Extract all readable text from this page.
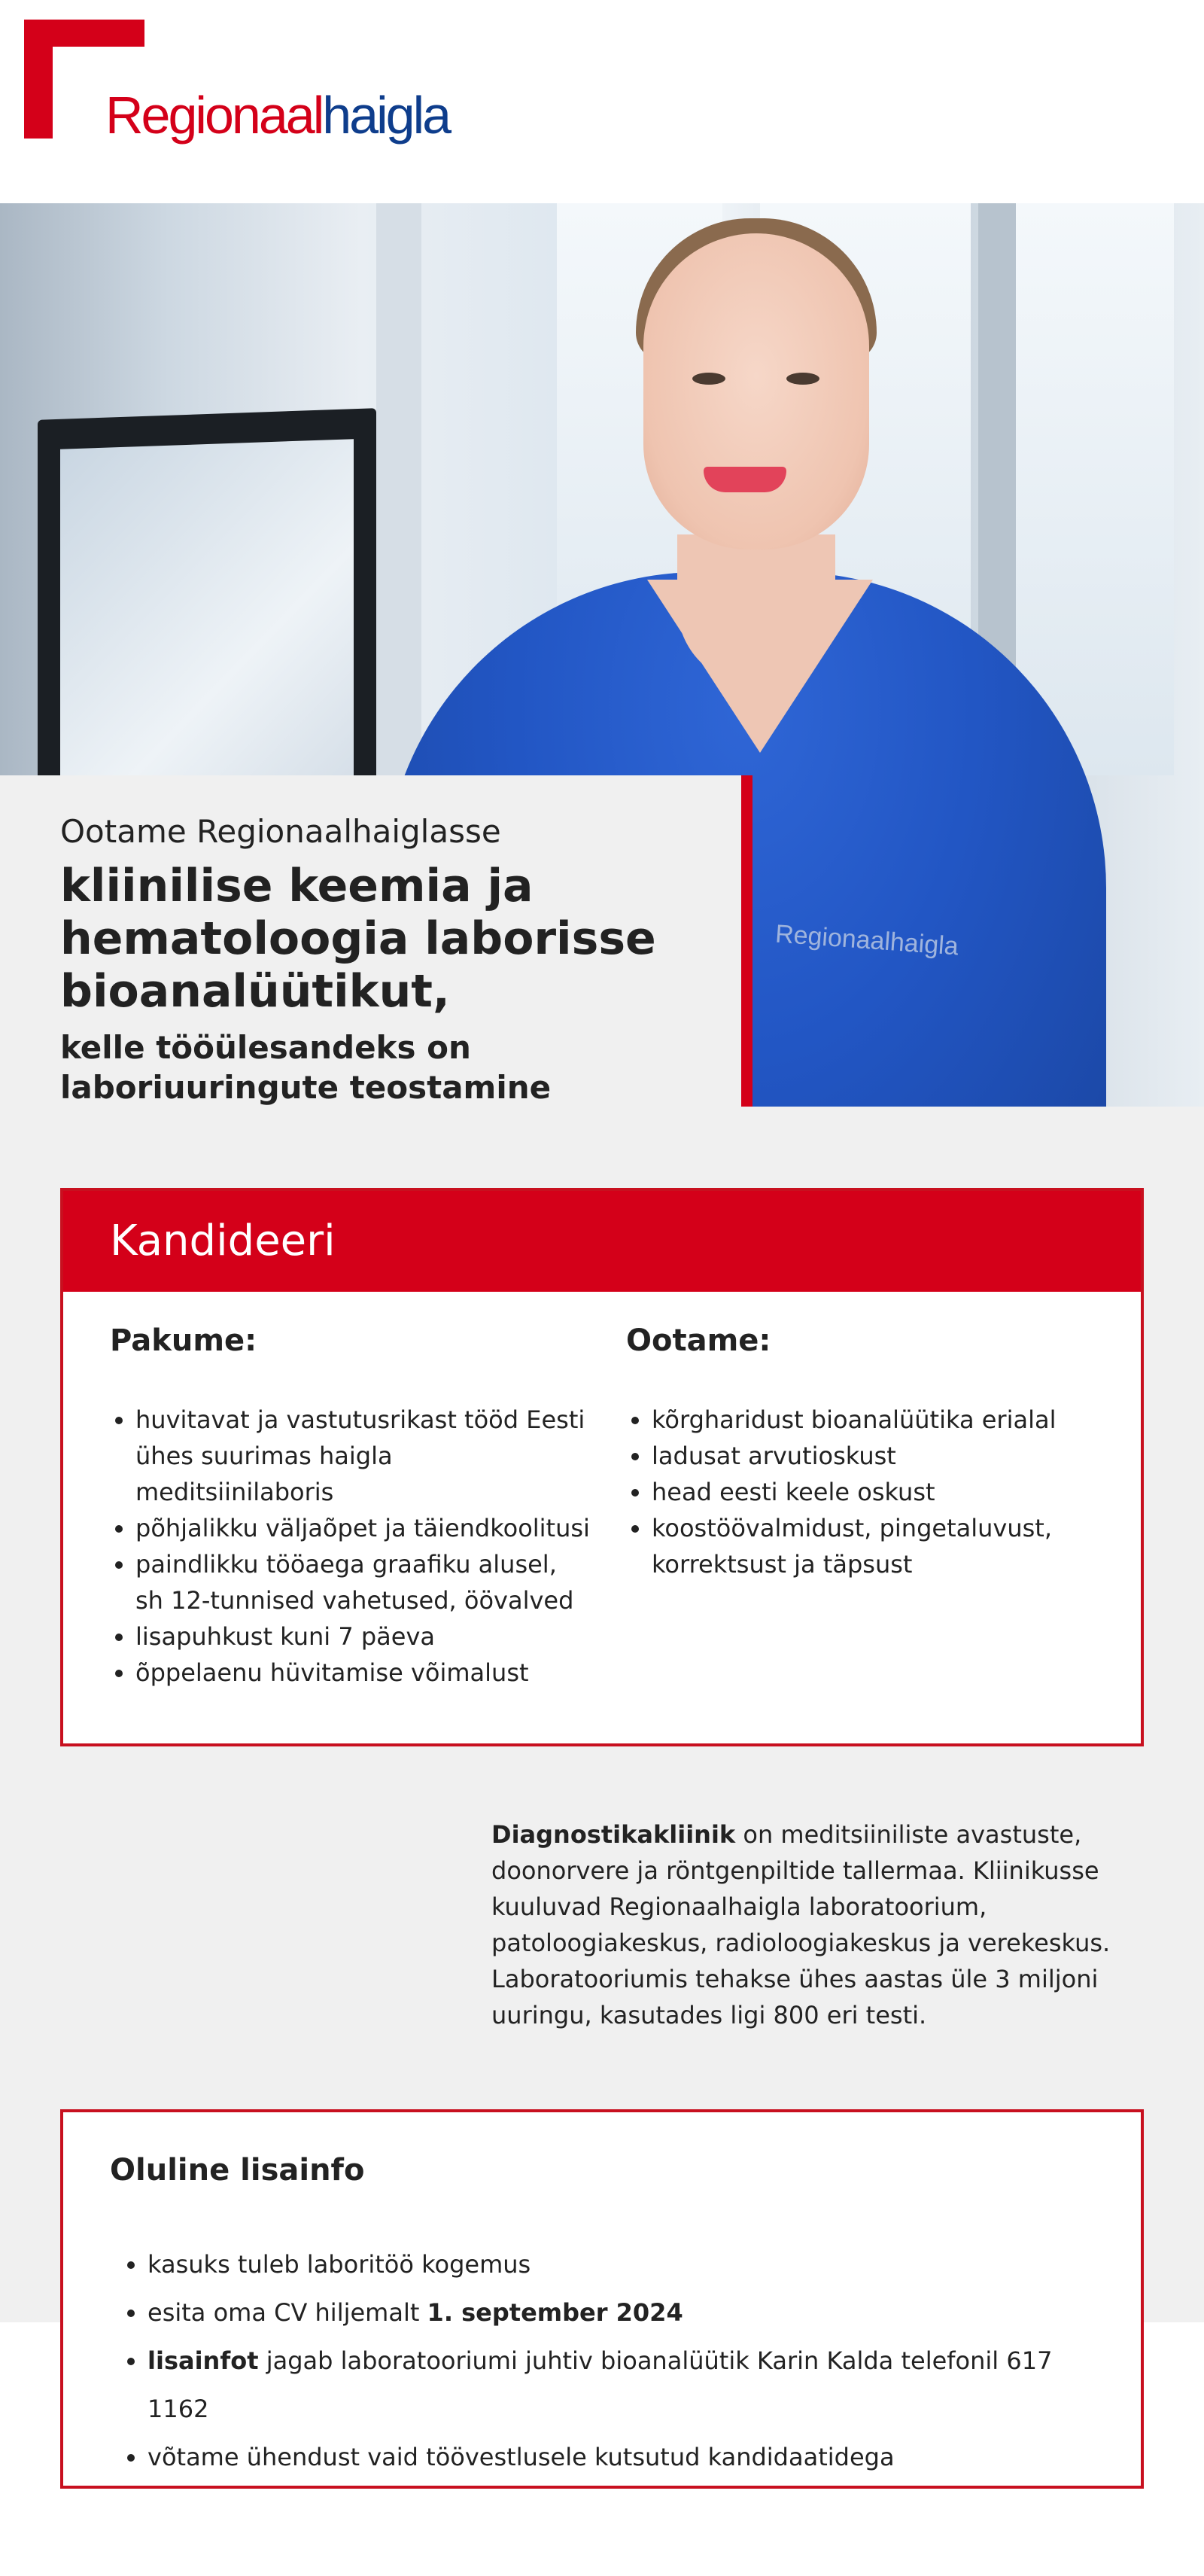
Regionaalhaigla
Regionaalhaigla
Ootame Regionaalhaiglasse
kliinilise keemia ja hematoloogia laborisse bioanalüütikut,
kelle tööülesandeks on laboriuuringute teostamine
Kandideeri
Pakume:
• huvitavat ja vastutusrikast tööd Eesti ühes suurimas haigla meditsiinilaboris
• põhjalikku väljaõpet ja täiendkoolitusi
• paindlikku tööaega graafiku alusel, sh 12-tunnised vahetused, öövalved
• lisapuhkust kuni 7 päeva
• õppelaenu hüvitamise võimalust
Ootame:
• kõrgharidust bioanalüütika erialal
• ladusat arvutioskust
• head eesti keele oskust
• koostöövalmidust, pingetaluvust, korrektsust ja täpsust

Diagnostikakliinik on meditsiiniliste avastuste, doonorvere ja röntgenpiltide tallermaa. Kliinikusse kuuluvad Regionaalhaigla laboratoorium, patoloogiakeskus, radioloogiakeskus ja verekeskus. Laboratooriumis tehakse ühes aastas üle 3 miljoni uuringu, kasutades ligi 800 eri testi.

Oluline lisainfo
• kasuks tuleb laboritöö kogemus
• esita oma CV hiljemalt 1. september 2024
• lisainfot jagab laboratooriumi juhtiv bioanalüütik Karin Kalda telefonil 617 1162
• võtame ühendust vaid töövestlusele kutsutud kandidaatidega
